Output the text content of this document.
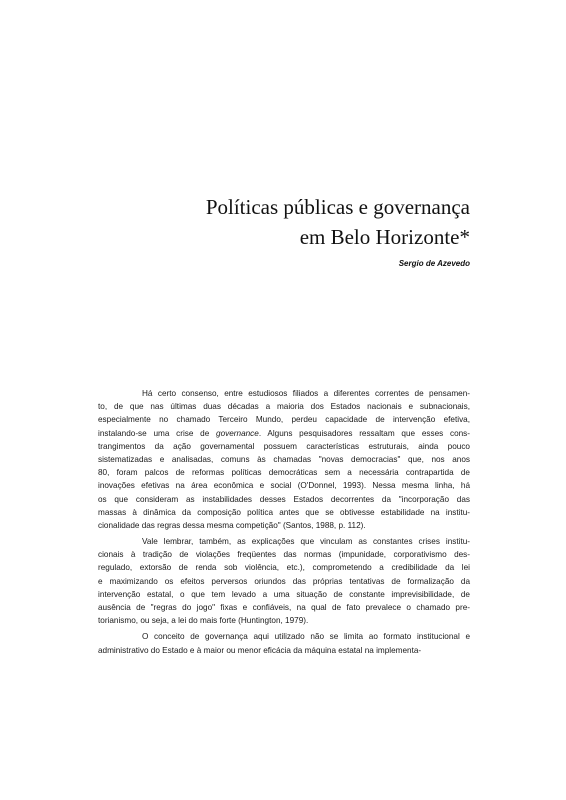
Políticas públicas e governança
em Belo Horizonte*
Sergio de Azevedo
Há certo consenso, entre estudiosos filiados a diferentes correntes de pensamen-
to, de que nas últimas duas décadas a maioria dos Estados nacionais e subnacionais,
especialmente no chamado Terceiro Mundo, perdeu capacidade de intervenção efetiva,
instalando-se uma crise de governance. Alguns pesquisadores ressaltam que esses cons-
trangimentos da ação governamental possuem características estruturais, ainda pouco
sistematizadas e analisadas, comuns às chamadas "novas democracias" que, nos anos
80, foram palcos de reformas políticas democráticas sem a necessária contrapartida de
inovações efetivas na área econômica e social (O'Donnel, 1993). Nessa mesma linha, há
os que consideram as instabilidades desses Estados decorrentes da "incorporação das
massas à dinâmica da composição política antes que se obtivesse estabilidade na institu-
cionalidade das regras dessa mesma competição" (Santos, 1988, p. 112).
Vale lembrar, também, as explicações que vinculam as constantes crises institu-
cionais à tradição de violações freqüentes das normas (impunidade, corporativismo des-
regulado, extorsão de renda sob violência, etc.), comprometendo a credibilidade da lei
e maximizando os efeitos perversos oriundos das próprias tentativas de formalização da
intervenção estatal, o que tem levado a uma situação de constante imprevisibilidade, de
ausência de "regras do jogo" fixas e confiáveis, na qual de fato prevalece o chamado pre-
torianismo, ou seja, a lei do mais forte (Huntington, 1979).
O conceito de governança aqui utilizado não se limita ao formato institucional e
administrativo do Estado e à maior ou menor eficácia da máquina estatal na implementa-
